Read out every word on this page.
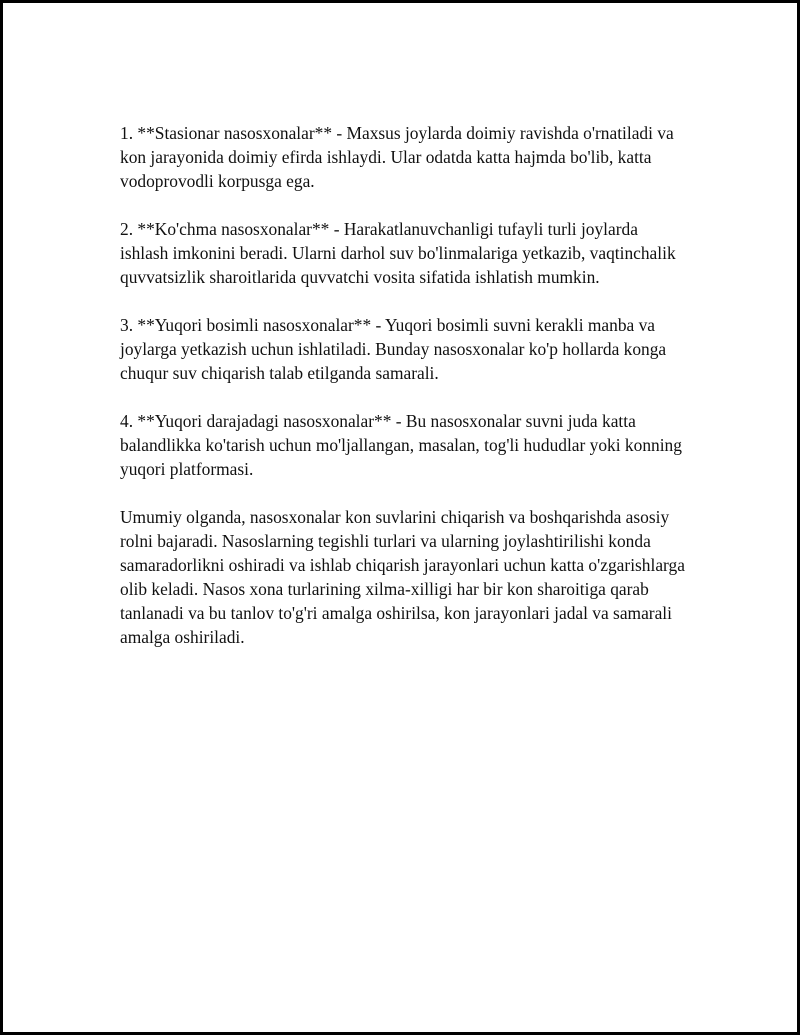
1. **Stasionar nasosxonalar** - Maxsus joylarda doimiy ravishda o'rnatiladi va kon jarayonida doimiy efirda ishlaydi. Ular odatda katta hajmda bo'lib, katta vodoprovodli korpusga ega.

2. **Ko'chma nasosxonalar** - Harakatlanuvchanligi tufayli turli joylarda ishlash imkonini beradi. Ularni darhol suv bo'linmalariga yetkazib, vaqtinchalik quvvatsizlik sharoitlarida quvvatchi vosita sifatida ishlatish mumkin.

3. **Yuqori bosimli nasosxonalar** - Yuqori bosimli suvni kerakli manba va joylarga yetkazish uchun ishlatiladi. Bunday nasosxonalar ko'p hollarda konga chuqur suv chiqarish talab etilganda samarali.

4. **Yuqori darajadagi nasosxonalar** - Bu nasosxonalar suvni juda katta balandlikka ko'tarish uchun mo'ljallangan, masalan, tog'li hududlar yoki konning yuqori platformasi.

Umumiy olganda, nasosxonalar kon suvlarini chiqarish va boshqarishda asosiy rolni bajaradi. Nasoslarning tegishli turlari va ularning joylashtirilishi konda samaradorlikni oshiradi va ishlab chiqarish jarayonlari uchun katta o'zgarishlarga olib keladi. Nasos xona turlarining xilma-xilligi har bir kon sharoitiga qarab tanlanadi va bu tanlov to'g'ri amalga oshirilsa, kon jarayonlari jadal va samarali amalga oshiriladi.
